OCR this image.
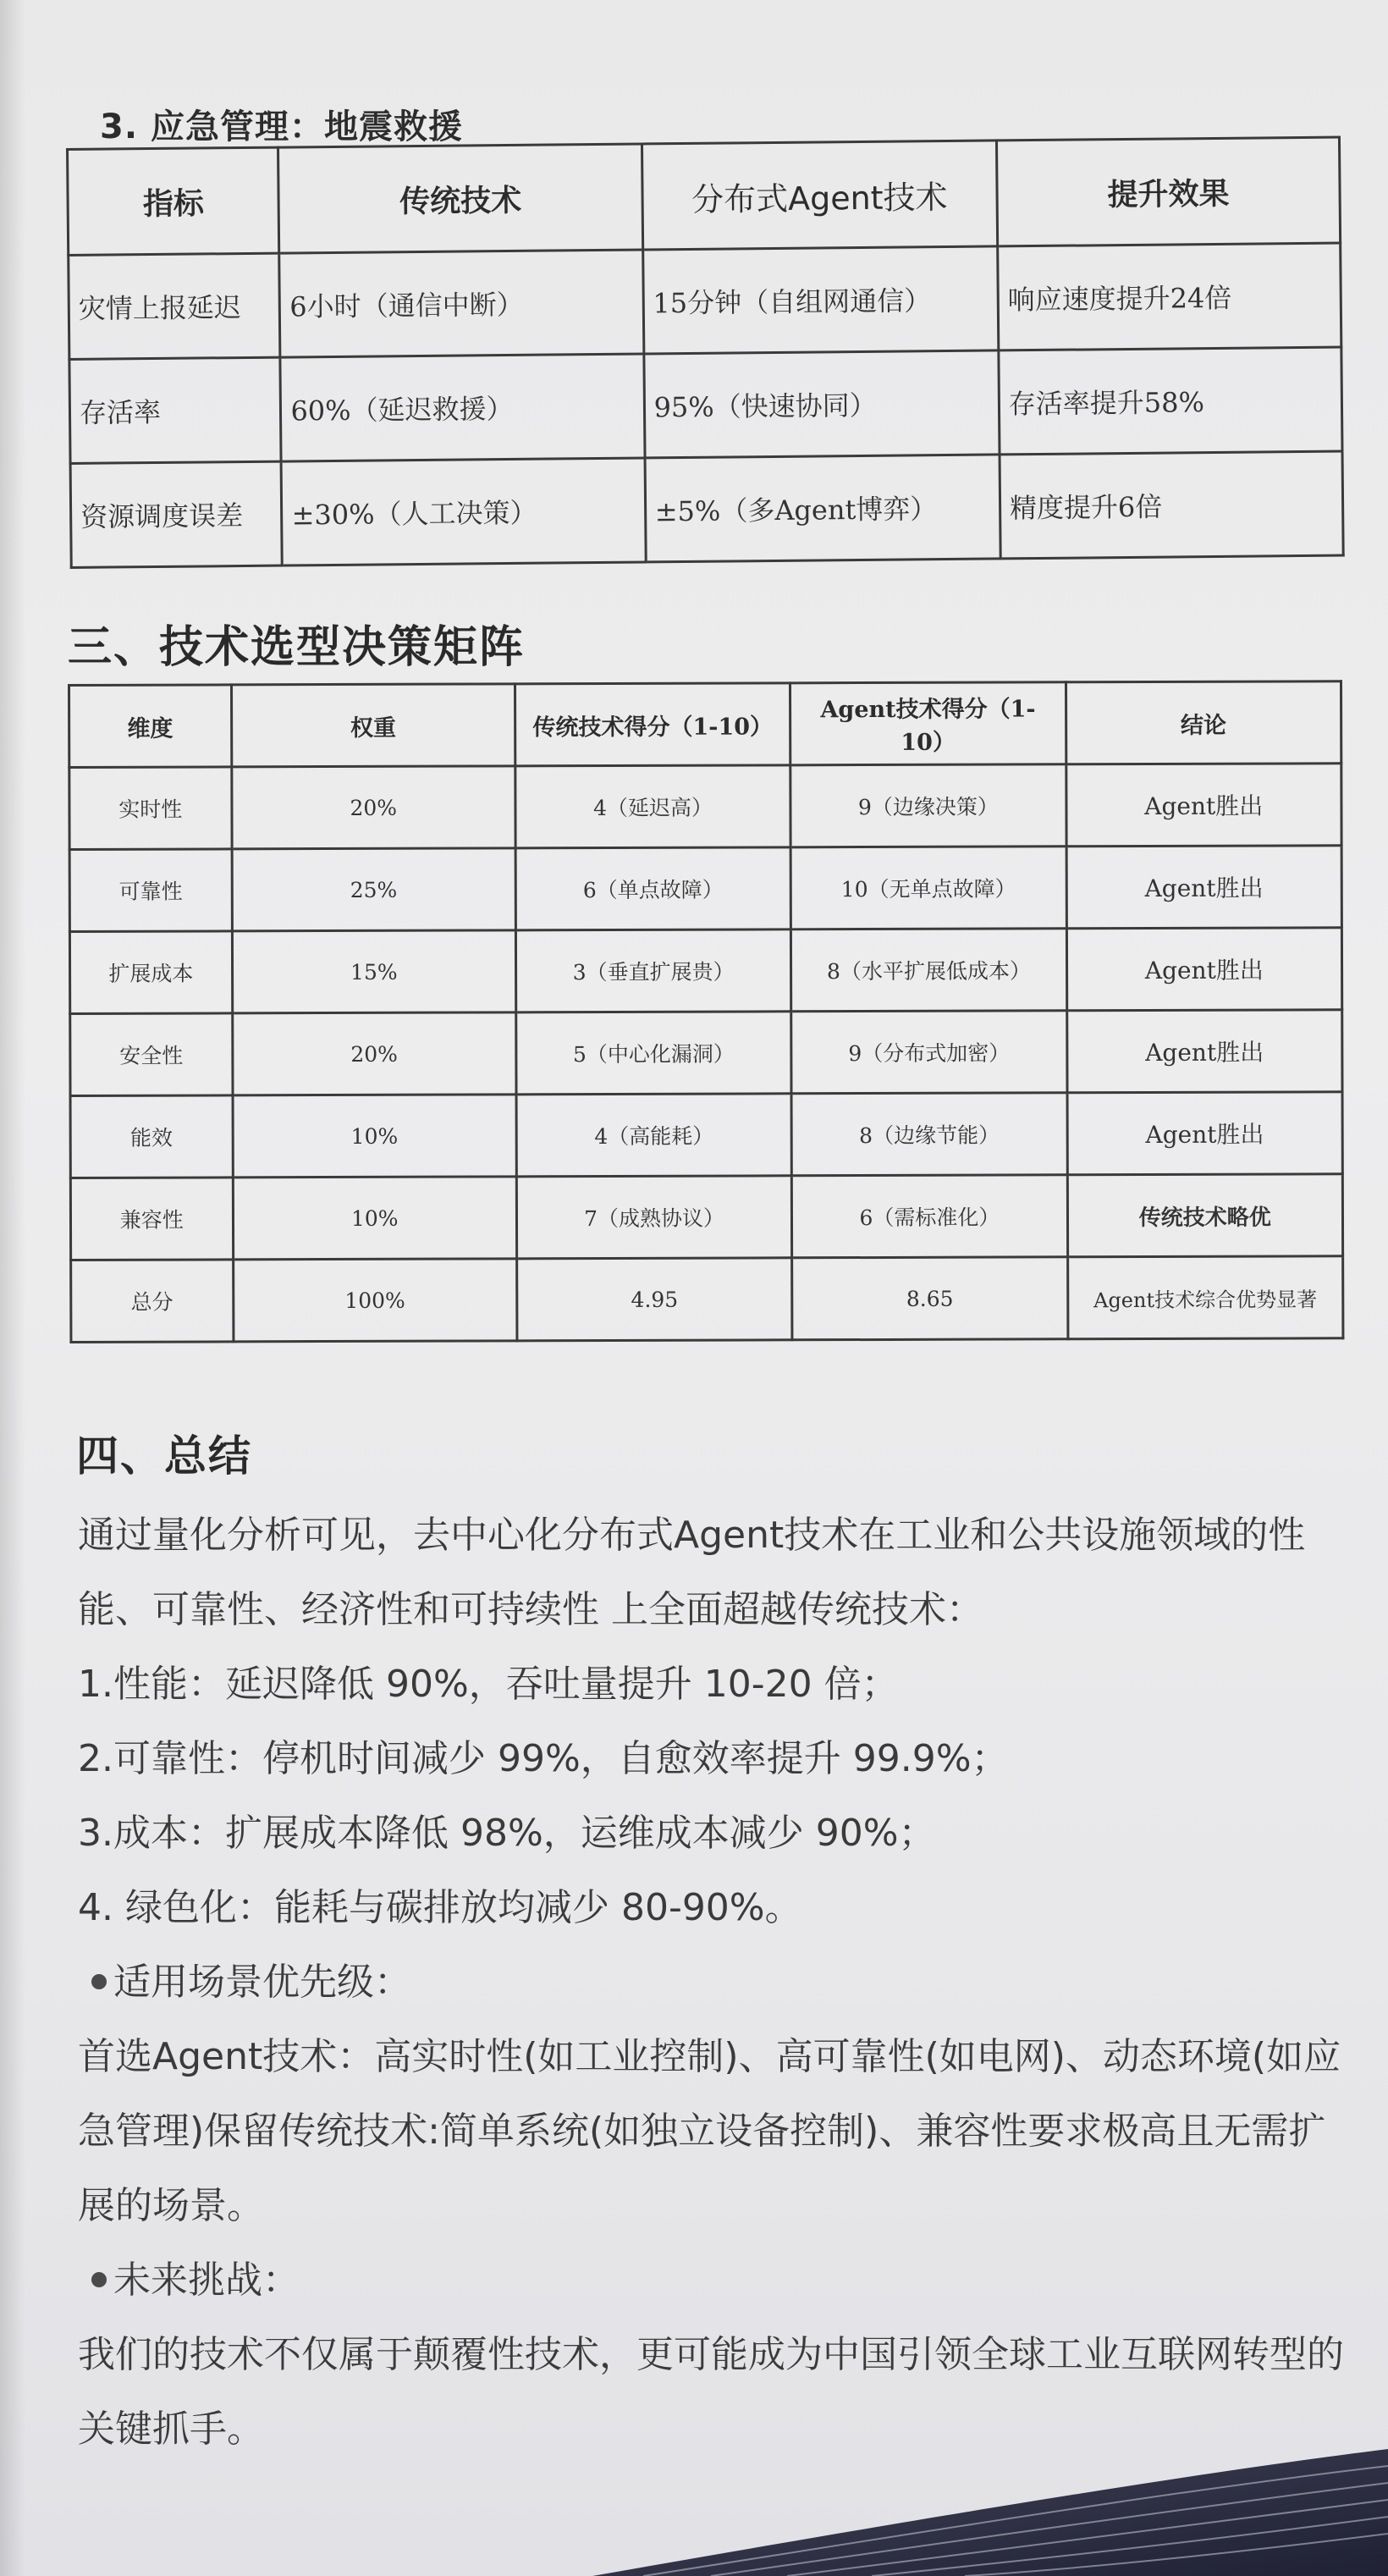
3. 应急管理：地震救援
指标	传统技术	分布式Agent技术	提升效果
灾情上报延迟	6小时（通信中断）	15分钟（自组网通信）	响应速度提升24倍
存活率	60%（延迟救援）	95%（快速协同）	存活率提升58%
资源调度误差	±30%（人工决策）	±5%（多Agent博弈）	精度提升6倍
三、技术选型决策矩阵
维度	权重	传统技术得分（1-10）	Agent技术得分（1-10）	结论
实时性	20%	4（延迟高）	9（边缘决策）	Agent胜出
可靠性	25%	6（单点故障）	10（无单点故障）	Agent胜出
扩展成本	15%	3（垂直扩展贵）	8（水平扩展低成本）	Agent胜出
安全性	20%	5（中心化漏洞）	9（分布式加密）	Agent胜出
能效	10%	4（高能耗）	8（边缘节能）	Agent胜出
兼容性	10%	7（成熟协议）	6（需标准化）	传统技术略优
总分	100%	4.95	8.65	Agent技术综合优势显著
四、总结

通过量化分析可见，去中心化分布式Agent技术在工业和公共设施领域的性能、可靠性、经济性和可持续性 上全面超越传统技术：

1.性能：延迟降低 90%，吞吐量提升 10-20 倍；

2.可靠性：停机时间减少 99%，自愈效率提升 99.9%；

3.成本：扩展成本降低 98%，运维成本减少 90%；

4. 绿色化：能耗与碳排放均减少 80-90%。

适用场景优先级：

首选Agent技术：高实时性(如工业控制)、高可靠性(如电网)、动态环境(如应急管理)保留传统技术:简单系统(如独立设备控制)、兼容性要求极高且无需扩展的场景。

未来挑战：

我们的技术不仅属于颠覆性技术，更可能成为中国引领全球工业互联网转型的关键抓手。
